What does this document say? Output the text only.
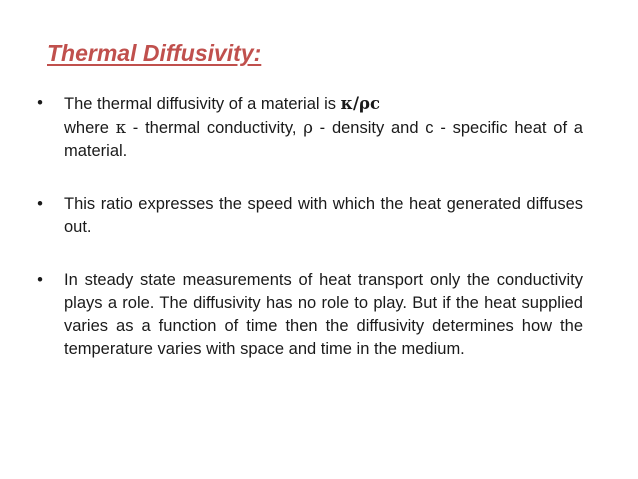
Thermal Diffusivity:
• The thermal diffusivity of a material is κ/ρc
where κ - thermal conductivity, ρ - density and c - specific heat of a material.

• This ratio expresses the speed with which the heat generated diffuses out.

• In steady state measurements of heat transport only the conductivity plays a role. The diffusivity has no role to play. But if the heat supplied varies as a function of time then the diffusivity determines how the temperature varies with space and time in the medium.
